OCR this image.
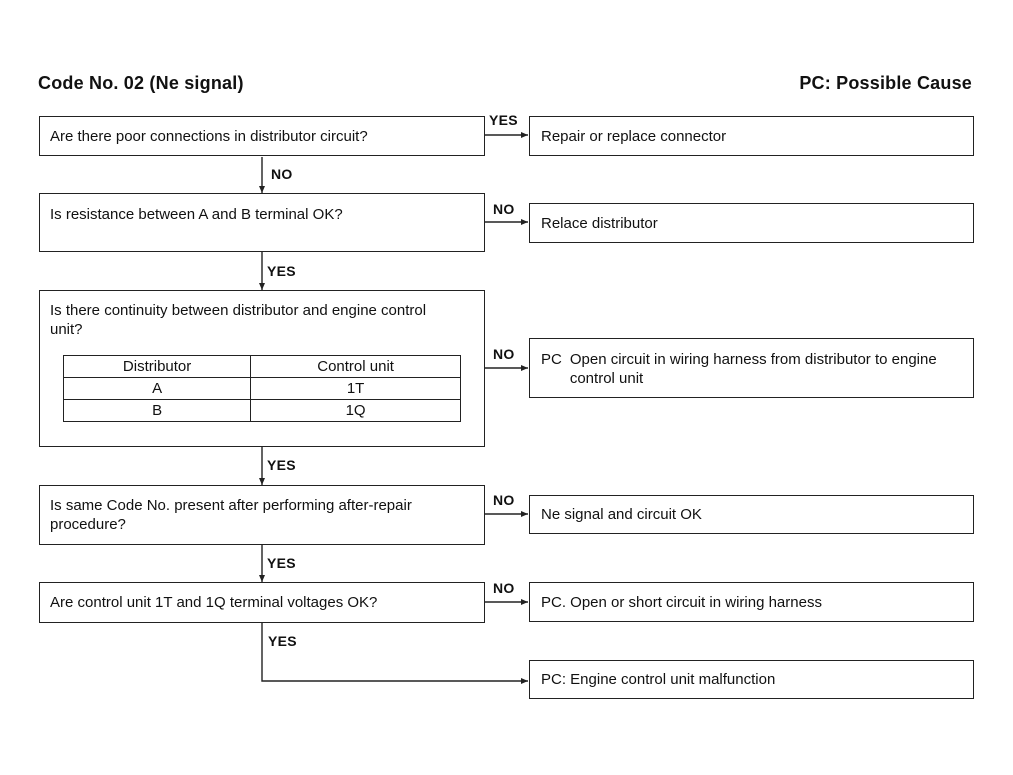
Code No. 02 (Ne signal)	PC: Possible Cause
YES
NO
NO
YES
NO
YES
NO
YES
NO
YES
Are there poor connections in distributor circuit?
Is resistance between A and B terminal OK?
Is there continuity between distributor and engine control unit?
Is same Code No. present after performing after-repair procedure?
Are control unit 1T and 1Q terminal voltages OK?
Distributor	Control unit
A	1T
B	1Q
Repair or replace connector
Relace distributor
PC Open circuit in wiring harness from distributor to engine control unit
Ne signal and circuit OK
PC. Open or short circuit in wiring harness
PC: Engine control unit malfunction
